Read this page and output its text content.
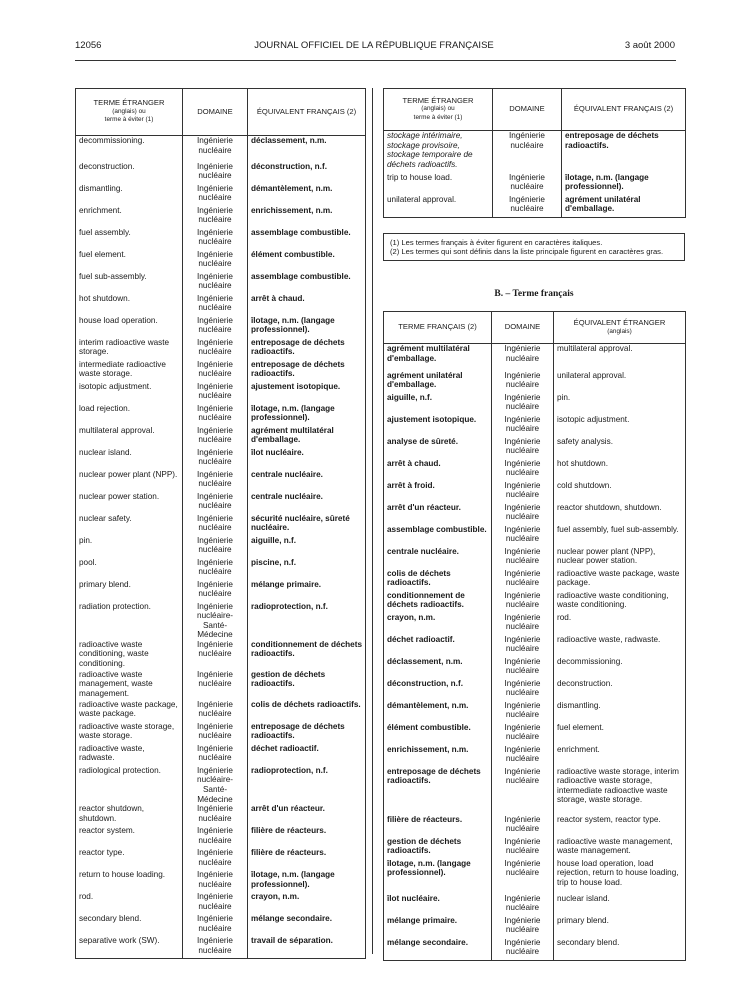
12056	JOURNAL OFFICIEL DE LA RÉPUBLIQUE FRANÇAISE	3 août 2000
TERME ÉTRANGER
(anglais) ou
terme à éviter (1)	DOMAINE	ÉQUIVALENT FRANÇAIS (2)
decommissioning.	Ingénierie nucléaire	déclassement, n.m.
deconstruction.	Ingénierie nucléaire	déconstruction, n.f.
dismantling.	Ingénierie nucléaire	démantèlement, n.m.
enrichment.	Ingénierie nucléaire	enrichissement, n.m.
fuel assembly.	Ingénierie nucléaire	assemblage combustible.
fuel element.	Ingénierie nucléaire	élément combustible.
fuel sub-assembly.	Ingénierie nucléaire	assemblage combustible.
hot shutdown.	Ingénierie nucléaire	arrêt à chaud.
house load operation.	Ingénierie nucléaire	îlotage, n.m. (langage professionnel).
interim radioactive waste storage.	Ingénierie nucléaire	entreposage de déchets radioactifs.
intermediate radioactive waste storage.	Ingénierie nucléaire	entreposage de déchets radioactifs.
isotopic adjustment.	Ingénierie nucléaire	ajustement isotopique.
load rejection.	Ingénierie nucléaire	îlotage, n.m. (langage professionnel).
multilateral approval.	Ingénierie nucléaire	agrément multilatéral d'emballage.
nuclear island.	Ingénierie nucléaire	îlot nucléaire.
nuclear power plant (NPP).	Ingénierie nucléaire	centrale nucléaire.
nuclear power station.	Ingénierie nucléaire	centrale nucléaire.
nuclear safety.	Ingénierie nucléaire	sécurité nucléaire, sûreté nucléaire.
pin.	Ingénierie nucléaire	aiguille, n.f.
pool.	Ingénierie nucléaire	piscine, n.f.
primary blend.	Ingénierie nucléaire	mélange primaire.
radiation protection.	Ingénierie nucléaire-Santé-Médecine	radioprotection, n.f.
radioactive waste conditioning, waste conditioning.	Ingénierie nucléaire	conditionnement de déchets radioactifs.
radioactive waste management, waste management.	Ingénierie nucléaire	gestion de déchets radioactifs.
radioactive waste package, waste package.	Ingénierie nucléaire	colis de déchets radioactifs.
radioactive waste storage, waste storage.	Ingénierie nucléaire	entreposage de déchets radioactifs.
radioactive waste, radwaste.	Ingénierie nucléaire	déchet radioactif.
radiological protection.	Ingénierie nucléaire-Santé-Médecine	radioprotection, n.f.
reactor shutdown, shutdown.	Ingénierie nucléaire	arrêt d'un réacteur.
reactor system.	Ingénierie nucléaire	filière de réacteurs.
reactor type.	Ingénierie nucléaire	filière de réacteurs.
return to house loading.	Ingénierie nucléaire	îlotage, n.m. (langage professionnel).
rod.	Ingénierie nucléaire	crayon, n.m.
secondary blend.	Ingénierie nucléaire	mélange secondaire.
separative work (SW).	Ingénierie nucléaire	travail de séparation.
TERME ÉTRANGER
(anglais) ou
terme à éviter (1)	DOMAINE	ÉQUIVALENT FRANÇAIS (2)
stockage intérimaire, stockage provisoire, stockage temporaire de déchets radioactifs.	Ingénierie nucléaire	entreposage de déchets radioactifs.
trip to house load.	Ingénierie nucléaire	îlotage, n.m. (langage professionnel).
unilateral approval.	Ingénierie nucléaire	agrément unilatéral d'emballage.
(1) Les termes français à éviter figurent en caractères italiques.
(2) Les termes qui sont définis dans la liste principale figurent en caractères gras.
B. – Terme français
TERME FRANÇAIS (2)	DOMAINE	ÉQUIVALENT ÉTRANGER
(anglais)

agrément multilatéral d'emballage.	Ingénierie nucléaire	multilateral approval.
agrément unilatéral d'emballage.	Ingénierie nucléaire	unilateral approval.
aiguille, n.f.	Ingénierie nucléaire	pin.
ajustement isotopique.	Ingénierie nucléaire	isotopic adjustment.
analyse de sûreté.	Ingénierie nucléaire	safety analysis.
arrêt à chaud.	Ingénierie nucléaire	hot shutdown.
arrêt à froid.	Ingénierie nucléaire	cold shutdown.
arrêt d'un réacteur.	Ingénierie nucléaire	reactor shutdown, shutdown.
assemblage combustible.	Ingénierie nucléaire	fuel assembly, fuel sub-assembly.
centrale nucléaire.	Ingénierie nucléaire	nuclear power plant (NPP), nuclear power station.
colis de déchets radioactifs.	Ingénierie nucléaire	radioactive waste package, waste package.
conditionnement de déchets radioactifs.	Ingénierie nucléaire	radioactive waste conditioning, waste conditioning.
crayon, n.m.	Ingénierie nucléaire	rod.
déchet radioactif.	Ingénierie nucléaire	radioactive waste, radwaste.
déclassement, n.m.	Ingénierie nucléaire	decommissioning.
déconstruction, n.f.	Ingénierie nucléaire	deconstruction.
démantèlement, n.m.	Ingénierie nucléaire	dismantling.
élément combustible.	Ingénierie nucléaire	fuel element.
enrichissement, n.m.	Ingénierie nucléaire	enrichment.
entreposage de déchets radioactifs.	Ingénierie nucléaire	radioactive waste storage, interim radioactive waste storage, intermediate radioactive waste storage, waste storage.
filière de réacteurs.	Ingénierie nucléaire	reactor system, reactor type.
gestion de déchets radioactifs.	Ingénierie nucléaire	radioactive waste management, waste management.
îlotage, n.m. (langage professionnel).	Ingénierie nucléaire	house load operation, load rejection, return to house loading, trip to house load.
îlot nucléaire.	Ingénierie nucléaire	nuclear island.
mélange primaire.	Ingénierie nucléaire	primary blend.
mélange secondaire.	Ingénierie nucléaire	secondary blend.
